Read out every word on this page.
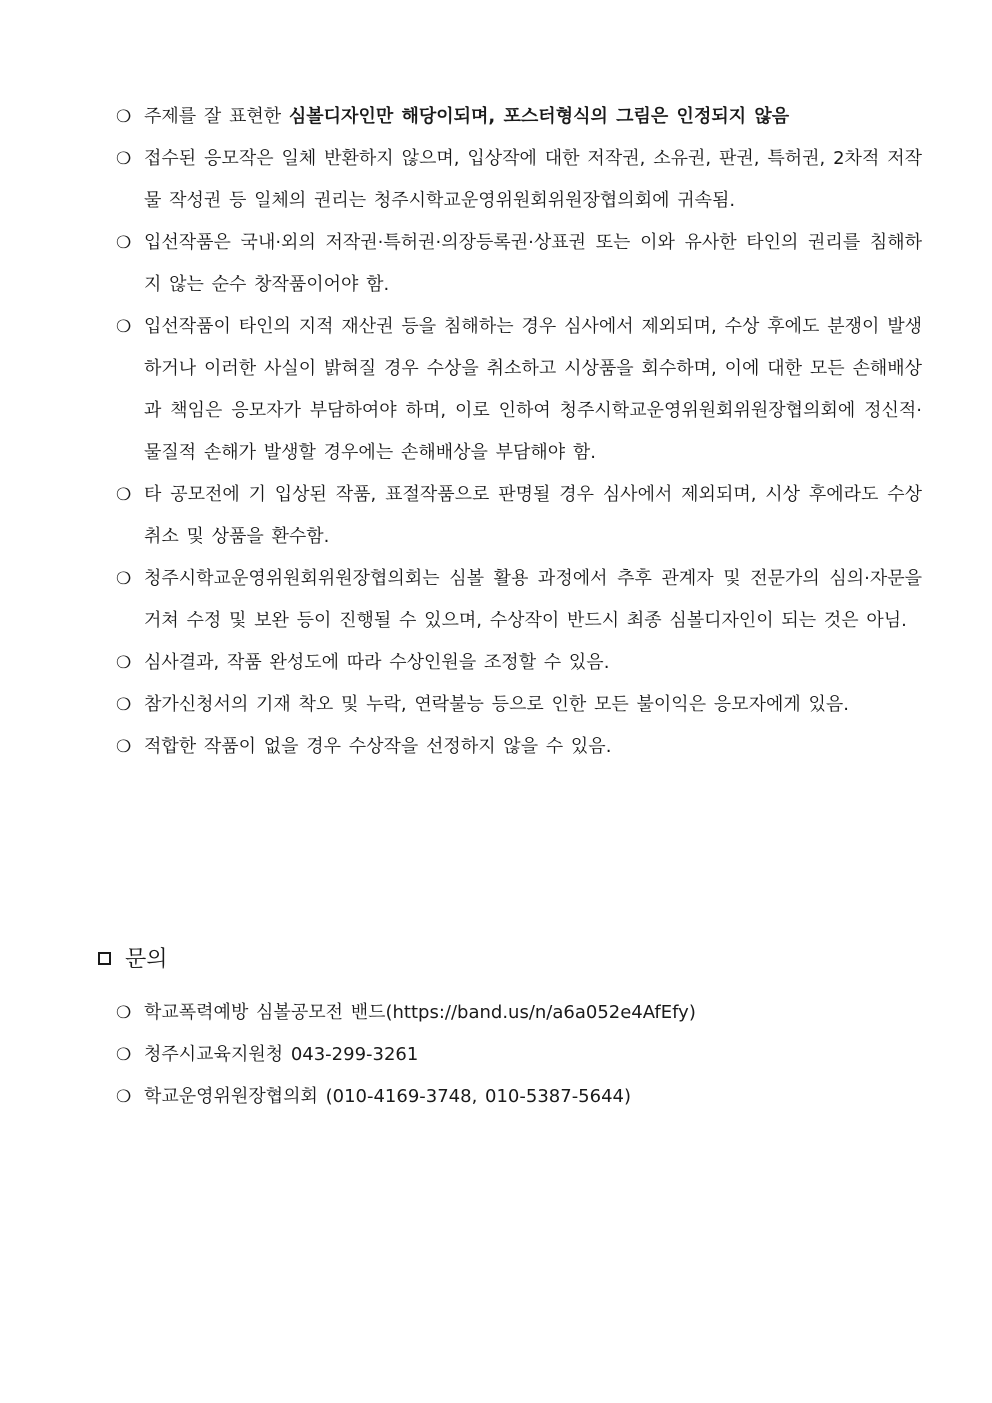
❍ 주제를 잘 표현한 심볼디자인만 해당이되며, 포스터형식의 그림은 인정되지 않음
❍ 접수된 응모작은 일체 반환하지 않으며, 입상작에 대한 저작권, 소유권, 판권, 특허권, 2차적 저작물 작성권 등 일체의 권리는 청주시학교운영위원회위원장협의회에 귀속됨.
❍ 입선작품은 국내·외의 저작권·특허권·의장등록권·상표권 또는 이와 유사한 타인의 권리를 침해하지 않는 순수 창작품이어야 함.
❍ 입선작품이 타인의 지적 재산권 등을 침해하는 경우 심사에서 제외되며, 수상 후에도 분쟁이 발생하거나 이러한 사실이 밝혀질 경우 수상을 취소하고 시상품을 회수하며, 이에 대한 모든 손해배상과 책임은 응모자가 부담하여야 하며, 이로 인하여 청주시학교운영위원회위원장협의회에 정신적·물질적 손해가 발생할 경우에는 손해배상을 부담해야 함.
❍ 타 공모전에 기 입상된 작품, 표절작품으로 판명될 경우 심사에서 제외되며, 시상 후에라도 수상 취소 및 상품을 환수함.
❍ 청주시학교운영위원회위원장협의회는 심볼 활용 과정에서 추후 관계자 및 전문가의 심의·자문을 거쳐 수정 및 보완 등이 진행될 수 있으며, 수상작이 반드시 최종 심볼디자인이 되는 것은 아님.
❍ 심사결과, 작품 완성도에 따라 수상인원을 조정할 수 있음.
❍ 참가신청서의 기재 착오 및 누락, 연락불능 등으로 인한 모든 불이익은 응모자에게 있음.
❍ 적합한 작품이 없을 경우 수상작을 선정하지 않을 수 있음.
문의
❍ 학교폭력예방 심볼공모전 밴드(https://band.us/n/a6a052e4AfEfy)
❍ 청주시교육지원청 043-299-3261
❍ 학교운영위원장협의회 (010-4169-3748, 010-5387-5644)
